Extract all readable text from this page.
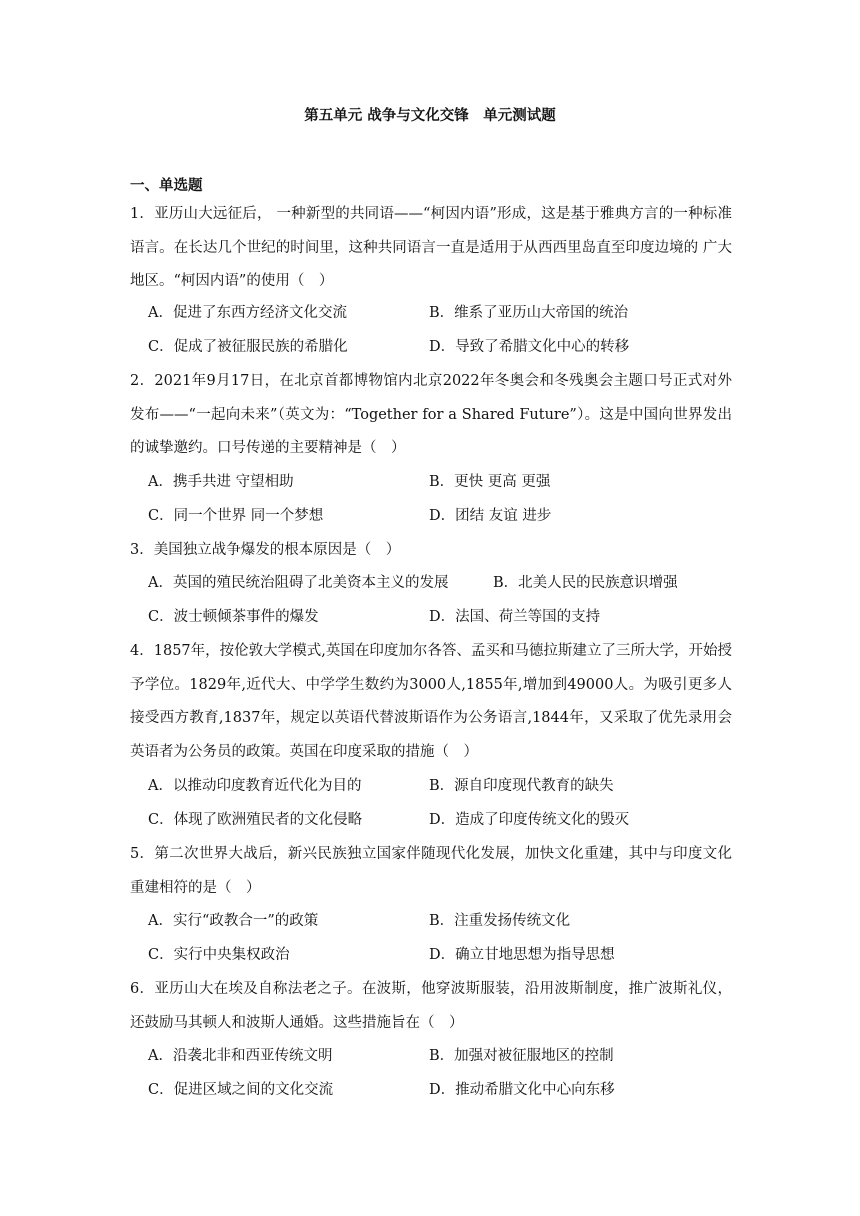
第五单元 战争与文化交锋　单元测试题
一、单选题
1．亚历山大远征后， 一种新型的共同语——“柯因内语”形成，这是基于雅典方言的一种标准 语言。在长达几个世纪的时间里，这种共同语言一直是适用于从西西里岛直至印度边境的 广大地区。“柯因内语”的使用（　）
A．促进了东西方经济文化交流	B．维系了亚历山大帝国的统治
C．促成了被征服民族的希腊化	D．导致了希腊文化中心的转移
2．2021年9月17日，在北京首都博物馆内北京2022年冬奥会和冬残奥会主题口号正式对外发布——“一起向未来”（英文为：“Together for a Shared Future”）。这是中国向世界发出的诚挚邀约。口号传递的主要精神是（　）
A．携手共进 守望相助	B．更快 更高 更强
C．同一个世界 同一个梦想	D．团结 友谊 进步
3．美国独立战争爆发的根本原因是（　）
A．英国的殖民统治阻碍了北美资本主义的发展	B．北美人民的民族意识增强
C．波士顿倾茶事件的爆发	D．法国、荷兰等国的支持
4．1857年，按伦敦大学模式,英国在印度加尔各答、孟买和马德拉斯建立了三所大学，开始授予学位。1829年,近代大、中学学生数约为3000人,1855年,增加到49000人。为吸引更多人接受西方教育,1837年，规定以英语代替波斯语作为公务语言,1844年，又采取了优先录用会英语者为公务员的政策。英国在印度采取的措施（　）
A．以推动印度教育近代化为目的	B．源自印度现代教育的缺失
C．体现了欧洲殖民者的文化侵略	D．造成了印度传统文化的毁灭
5．第二次世界大战后，新兴民族独立国家伴随现代化发展，加快文化重建，其中与印度文化重建相符的是（　）
A．实行“政教合一”的政策	B．注重发扬传统文化
C．实行中央集权政治	D．确立甘地思想为指导思想
6．亚历山大在埃及自称法老之子。在波斯，他穿波斯服装，沿用波斯制度，推广波斯礼仪，还鼓励马其顿人和波斯人通婚。这些措施旨在（　）
A．沿袭北非和西亚传统文明	B．加强对被征服地区的控制
C．促进区域之间的文化交流	D．推动希腊文化中心向东移
